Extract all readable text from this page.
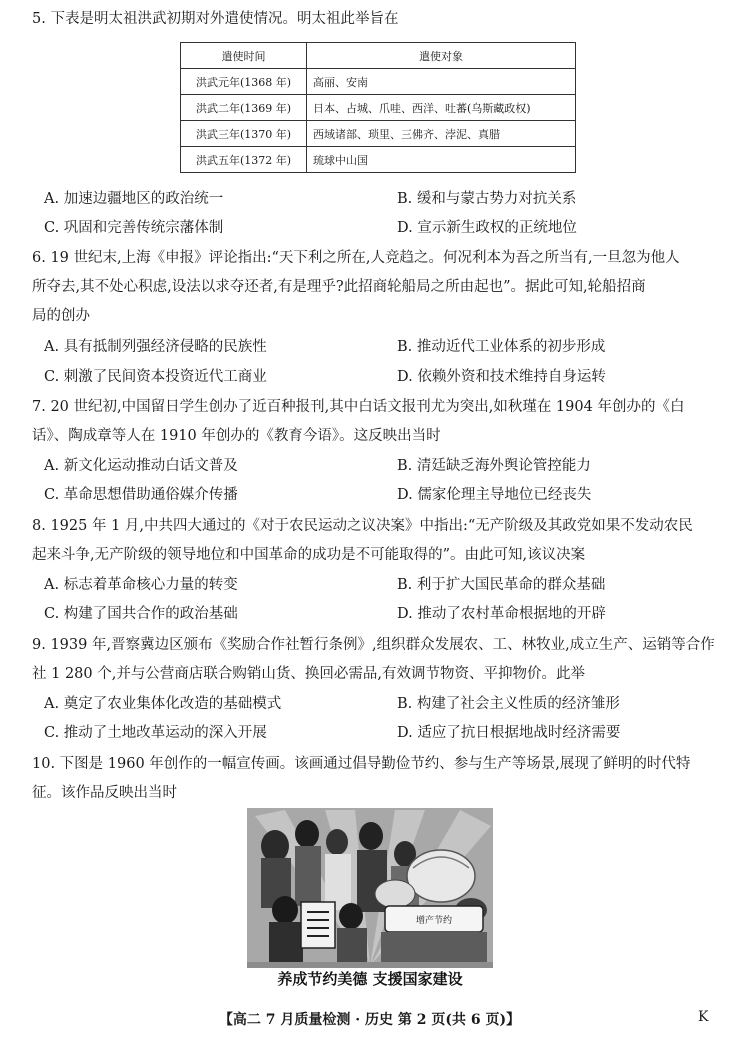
5. 下表是明太祖洪武初期对外遣使情况。明太祖此举旨在
遣使时间	遣使对象
洪武元年(1368 年)	高丽、安南
洪武二年(1369 年)	日本、占城、爪哇、西洋、吐蕃(乌斯藏政权)
洪武三年(1370 年)	西域诸部、琐里、三佛齐、浡泥、真腊
洪武五年(1372 年)	琉球中山国
A. 加速边疆地区的政治统一	B. 缓和与蒙古势力对抗关系
C. 巩固和完善传统宗藩体制	D. 宣示新生政权的正统地位
6. 19 世纪末,上海《申报》评论指出:“天下利之所在,人竞趋之。何况利本为吾之所当有,一旦忽为他人
所夺去,其不处心积虑,设法以求夺还者,有是理乎?此招商轮船局之所由起也”。据此可知,轮船招商
局的创办
A. 具有抵制列强经济侵略的民族性	B. 推动近代工业体系的初步形成
C. 刺激了民间资本投资近代工商业	D. 依赖外资和技术维持自身运转
7. 20 世纪初,中国留日学生创办了近百种报刊,其中白话文报刊尤为突出,如秋瑾在 1904 年创办的《白
话》、陶成章等人在 1910 年创办的《教育今语》。这反映出当时
A. 新文化运动推动白话文普及	B. 清廷缺乏海外舆论管控能力
C. 革命思想借助通俗媒介传播	D. 儒家伦理主导地位已经丧失
8. 1925 年 1 月,中共四大通过的《对于农民运动之议决案》中指出:“无产阶级及其政党如果不发动农民
起来斗争,无产阶级的领导地位和中国革命的成功是不可能取得的”。由此可知,该议决案
A. 标志着革命核心力量的转变	B. 利于扩大国民革命的群众基础
C. 构建了国共合作的政治基础	D. 推动了农村革命根据地的开辟
9. 1939 年,晋察冀边区颁布《奖励合作社暂行条例》,组织群众发展农、工、林牧业,成立生产、运销等合作
社 1 280 个,并与公营商店联合购销山货、换回必需品,有效调节物资、平抑物价。此举
A. 奠定了农业集体化改造的基础模式	B. 构建了社会主义性质的经济雏形
C. 推动了土地改革运动的深入开展	D. 适应了抗日根据地战时经济需要
10. 下图是 1960 年创作的一幅宣传画。该画通过倡导勤俭节约、参与生产等场景,展现了鲜明的时代特
征。该作品反映出当时
增产节约
养成节约美德 支援国家建设
【高二 7 月质量检测 · 历史 第 2 页(共 6 页)】	K
